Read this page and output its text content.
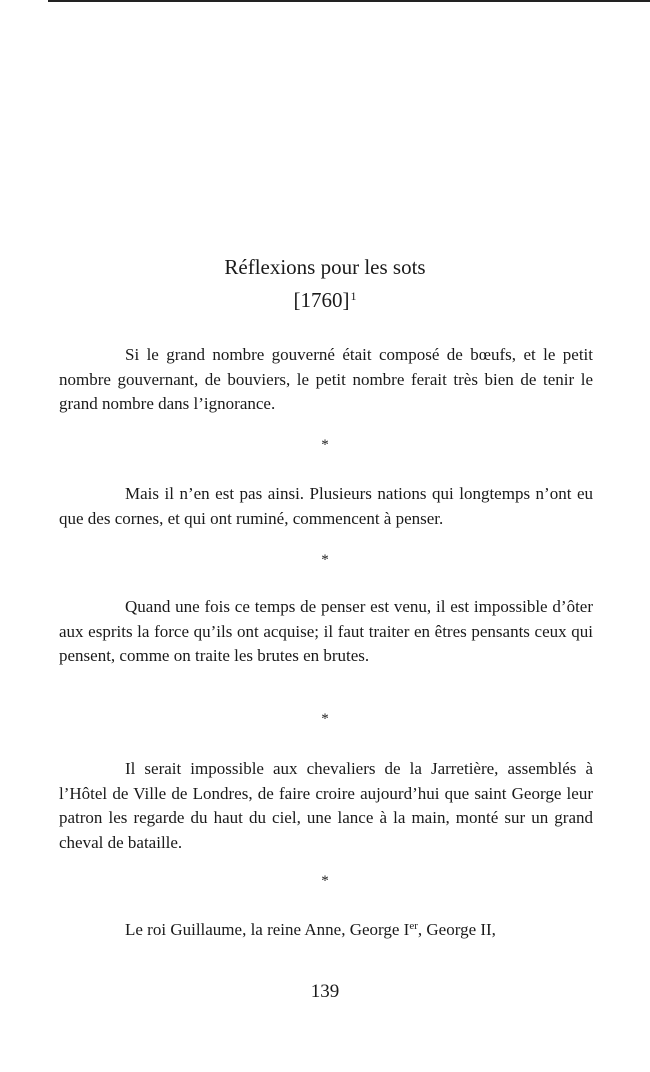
Réflexions pour les sots
$[1760]^1$

Si le grand nombre gouverné était composé de bœufs, et le petit nombre gouvernant, de bouviers, le petit nombre ferait très bien de tenir le grand nombre dans l’ignorance.

*

Mais il n’en est pas ainsi. Plusieurs nations qui longtemps n’ont eu que des cornes, et qui ont ruminé, commencent à penser.

*

Quand une fois ce temps de penser est venu, il est impossible d’ôter aux esprits la force qu’ils ont acquise; il faut traiter en êtres pensants ceux qui pensent, comme on traite les brutes en brutes.

*

Il serait impossible aux chevaliers de la Jarretière, assemblés à l’Hôtel de Ville de Londres, de faire croire aujourd’hui que saint George leur patron les regarde du haut du ciel, une lance à la main, monté sur un grand cheval de bataille.

*

Le roi Guillaume, la reine Anne, George Ier, George II,

139
